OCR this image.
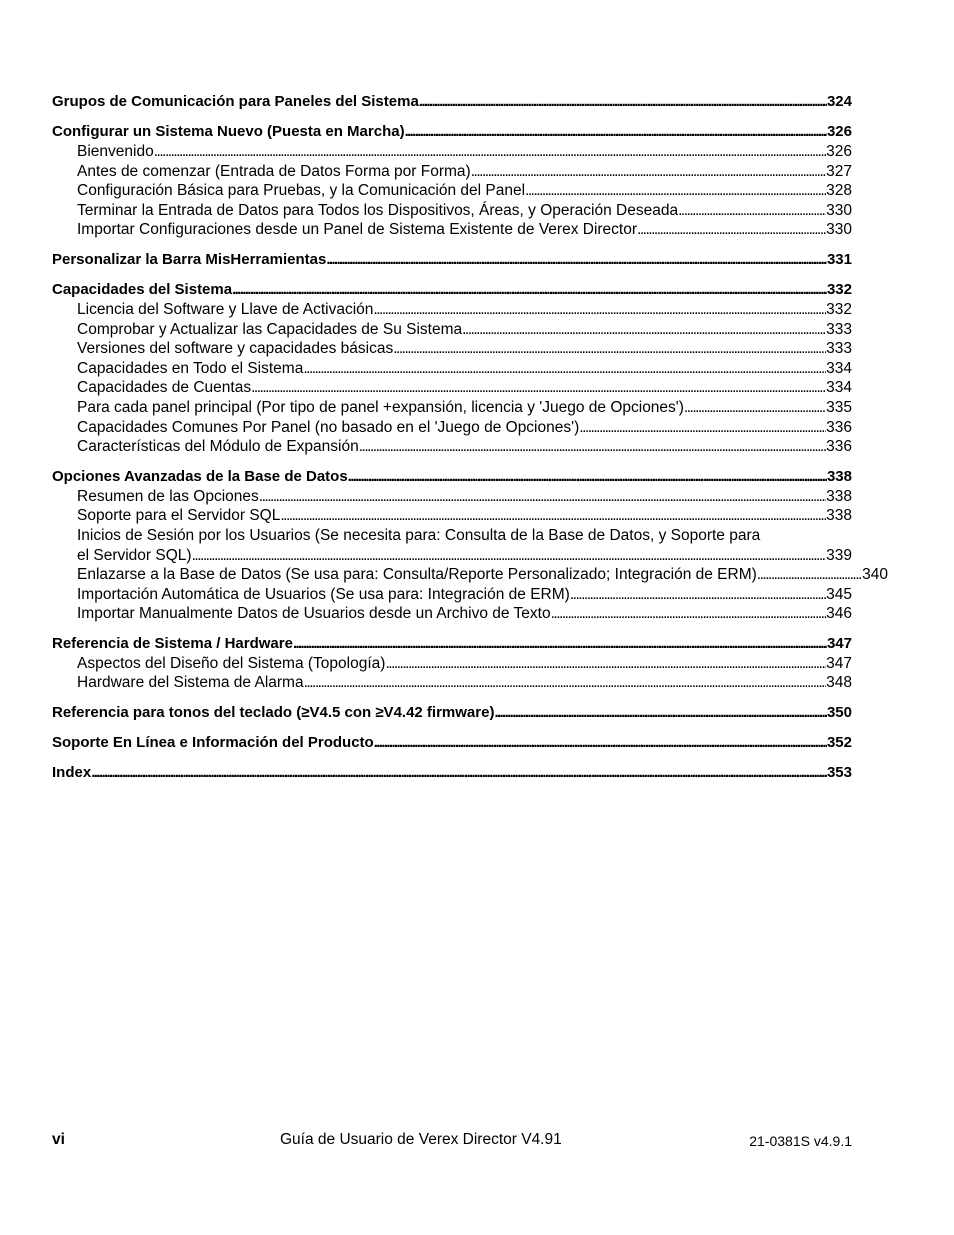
Grupos de Comunicación para Paneles del Sistema . . .	324
Configurar un Sistema Nuevo (Puesta en Marcha) . . .	326
Bienvenido . . .	326
Antes de comenzar (Entrada de Datos Forma por Forma) . . .	327
Configuración Básica para Pruebas, y la Comunicación del Panel . . .	328
Terminar la Entrada de Datos para Todos los Dispositivos, Áreas, y Operación Deseada . . .	330
Importar Configuraciones desde un Panel de Sistema Existente de Verex Director . . .	330
Personalizar la Barra MisHerramientas . . .	331
Capacidades del Sistema . . .	332
Licencia del Software y Llave de Activación . . .	332
Comprobar y Actualizar las Capacidades de Su Sistema . . .	333
Versiones del software y capacidades básicas . . .	333
Capacidades en Todo el Sistema . . .	334
Capacidades de Cuentas . . .	334
Para cada panel principal (Por tipo de panel +expansión, licencia y 'Juego de Opciones') . . .	335
Capacidades Comunes Por Panel (no basado en el 'Juego de Opciones') . . .	336
Características del Módulo de Expansión . . .	336
Opciones Avanzadas de la Base de Datos . . .	338
Resumen de las Opciones . . .	338
Soporte para el Servidor SQL . . .	338
Inicios de Sesión por los Usuarios (Se necesita para: Consulta de la Base de Datos, y Soporte para
el Servidor SQL) . . .	339
Enlazarse a la Base de Datos (Se usa para: Consulta/Reporte Personalizado; Integración de ERM) . . .	340
Importación Automática de Usuarios (Se usa para: Integración de ERM) . . .	345
Importar Manualmente Datos de Usuarios desde un Archivo de Texto . . .	346
Referencia de Sistema / Hardware . . .	347
Aspectos del Diseño del Sistema (Topología) . . .	347
Hardware del Sistema de Alarma . . .	348
Referencia para tonos del teclado (≥V4.5 con ≥V4.42 firmware) . . .	350
Soporte En Línea e Información del Producto . . .	352
Index . . .	353
vi	Guía de Usuario de Verex Director V4.91	21-0381S v4.9.1
